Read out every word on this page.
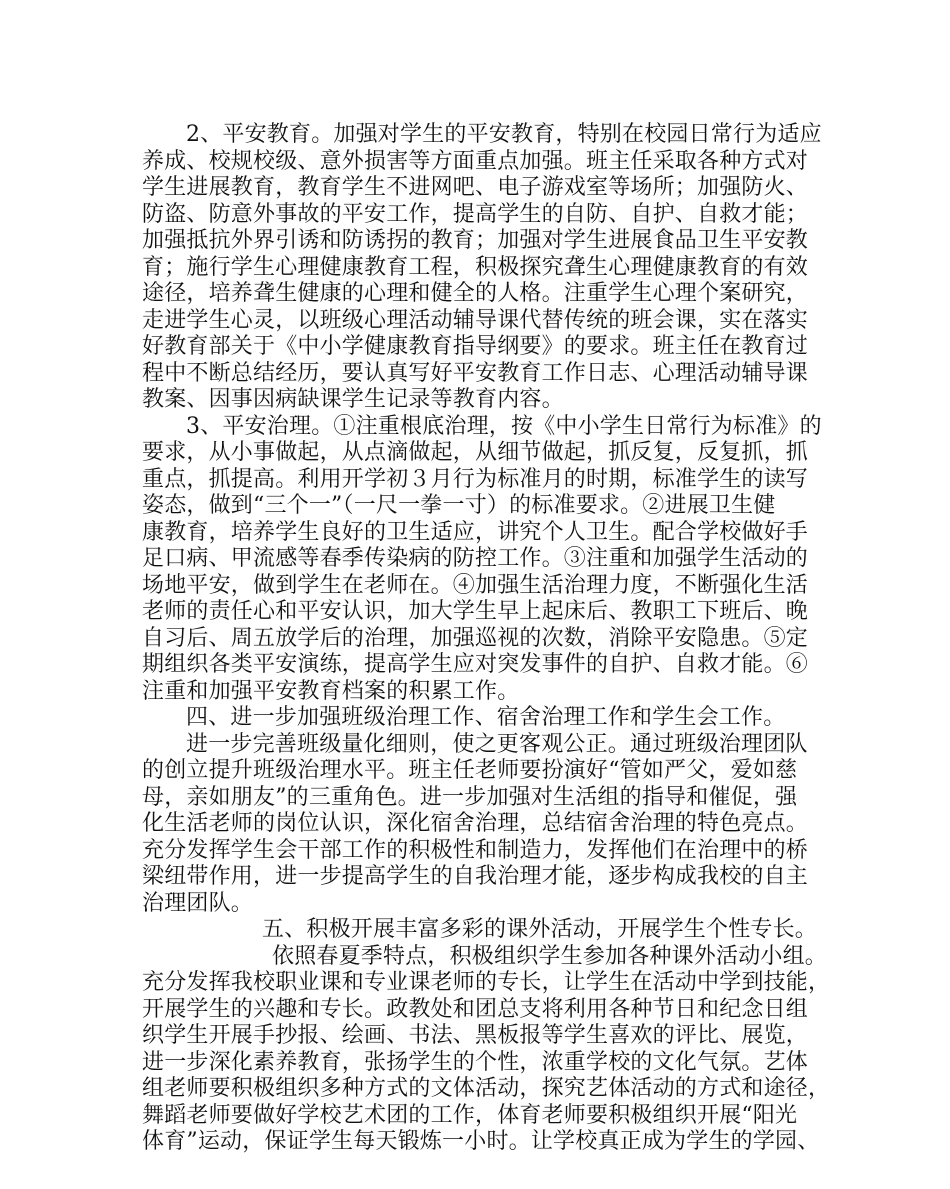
2、平安教育。加强对学生的平安教育，特别在校园日常行为适应
养成、校规校级、意外损害等方面重点加强。班主任采取各种方式对
学生进展教育，教育学生不进网吧、电子游戏室等场所；加强防火、
防盗、防意外事故的平安工作，提高学生的自防、自护、自救才能；
加强抵抗外界引诱和防诱拐的教育；加强对学生进展食品卫生平安教
育；施行学生心理健康教育工程，积极探究聋生心理健康教育的有效
途径，培养聋生健康的心理和健全的人格。注重学生心理个案研究，
走进学生心灵，以班级心理活动辅导课代替传统的班会课，实在落实
好教育部关于《中小学健康教育指导纲要》的要求。班主任在教育过
程中不断总结经历，要认真写好平安教育工作日志、心理活动辅导课
教案、因事因病缺课学生记录等教育内容。
3、平安治理。①注重根底治理，按《中小学生日常行为标准》的
要求，从小事做起，从点滴做起，从细节做起，抓反复，反复抓，抓
重点，抓提高。利用开学初３月行为标准月的时期，标准学生的读写
姿态，做到“三个一”（一尺一拳一寸）的标准要求。②进展卫生健
康教育，培养学生良好的卫生适应，讲究个人卫生。配合学校做好手
足口病、甲流感等春季传染病的防控工作。③注重和加强学生活动的
场地平安，做到学生在老师在。④加强生活治理力度，不断强化生活
老师的责任心和平安认识，加大学生早上起床后、教职工下班后、晚
自习后、周五放学后的治理，加强巡视的次数，消除平安隐患。⑤定
期组织各类平安演练，提高学生应对突发事件的自护、自救才能。⑥
注重和加强平安教育档案的积累工作。
四、进一步加强班级治理工作、宿舍治理工作和学生会工作。
进一步完善班级量化细则，使之更客观公正。通过班级治理团队
的创立提升班级治理水平。班主任老师要扮演好“管如严父，爱如慈
母，亲如朋友”的三重角色。进一步加强对生活组的指导和催促，强
化生活老师的岗位认识，深化宿舍治理，总结宿舍治理的特色亮点。
充分发挥学生会干部工作的积极性和制造力，发挥他们在治理中的桥
梁纽带作用，进一步提高学生的自我治理才能，逐步构成我校的自主
治理团队。
五、积极开展丰富多彩的课外活动，开展学生个性专长。
依照春夏季特点，积极组织学生参加各种课外活动小组。
充分发挥我校职业课和专业课老师的专长，让学生在活动中学到技能，
开展学生的兴趣和专长。政教处和团总支将利用各种节日和纪念日组
织学生开展手抄报、绘画、书法、黑板报等学生喜欢的评比、展览，
进一步深化素养教育，张扬学生的个性，浓重学校的文化气氛。艺体
组老师要积极组织多种方式的文体活动，探究艺体活动的方式和途径，
舞蹈老师要做好学校艺术团的工作，体育老师要积极组织开展“阳光
体育”运动，保证学生每天锻炼一小时。让学校真正成为学生的学园、
